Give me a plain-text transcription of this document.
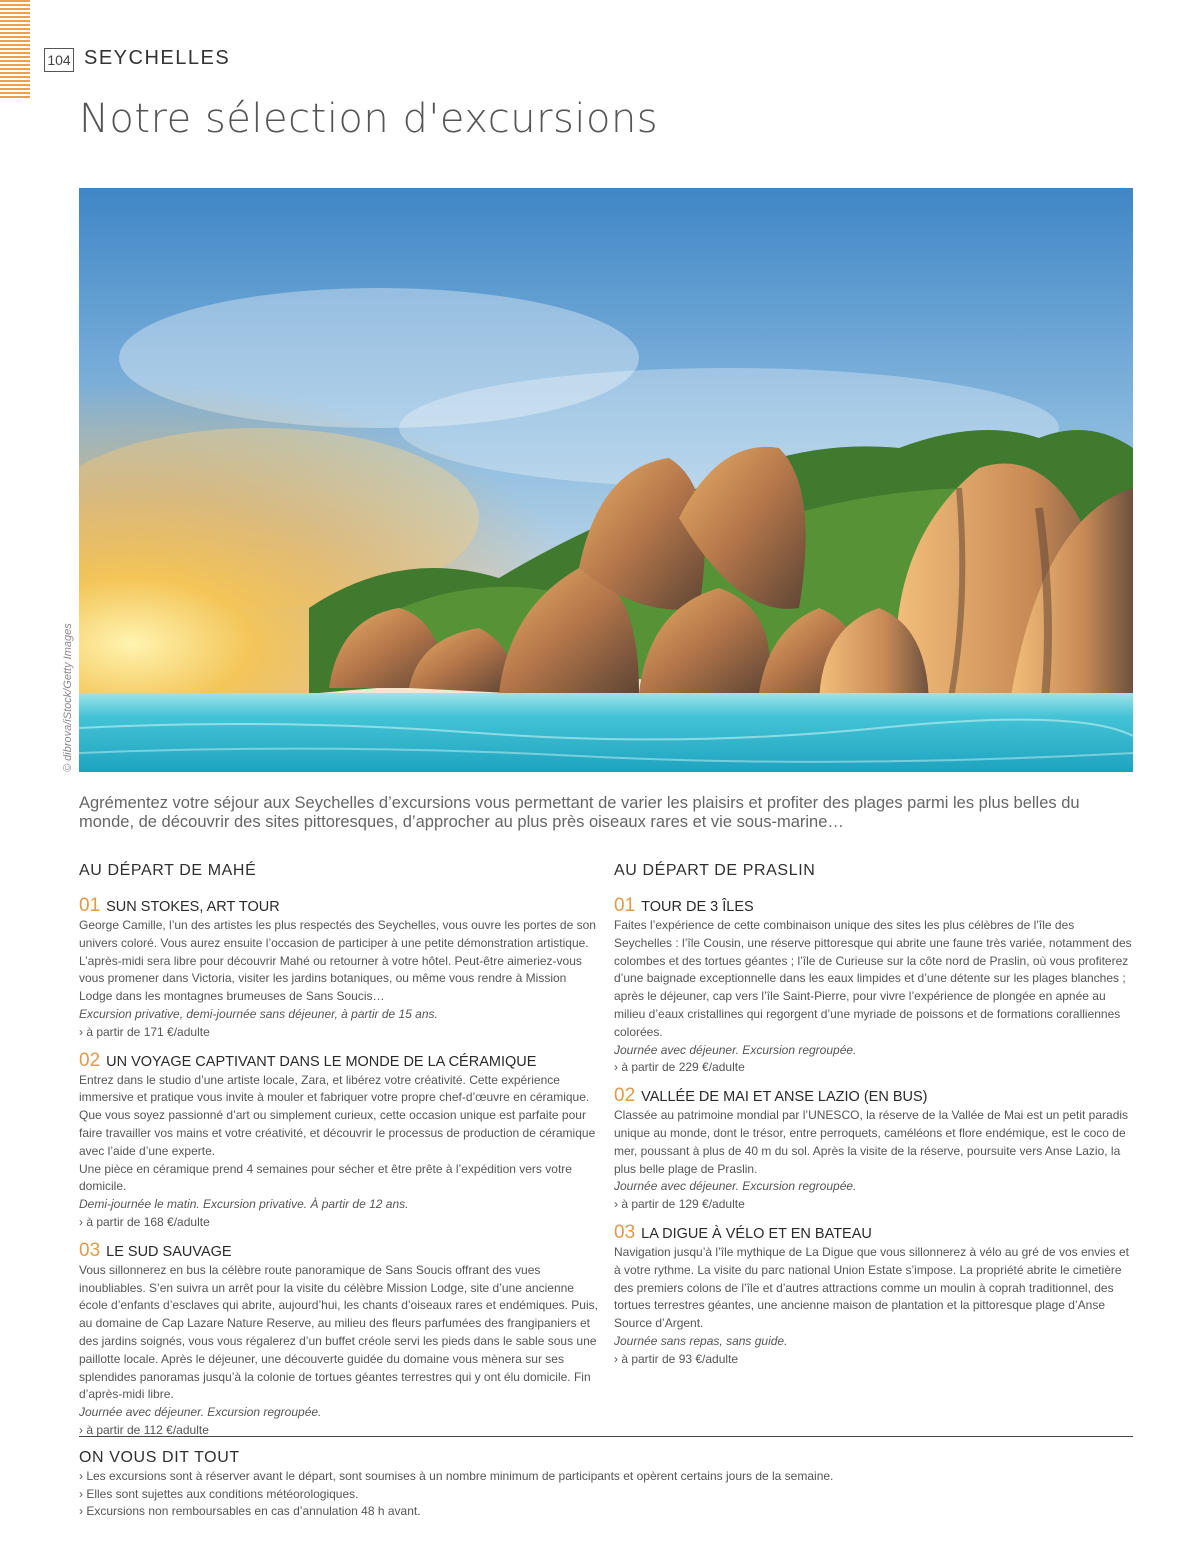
104 SEYCHELLES
Notre sélection d'excursions
© dibrova/iStock/Getty Images
Agrémentez votre séjour aux Seychelles d’excursions vous permettant de varier les plaisirs et profiter des plages parmi les plus belles du monde, de découvrir des sites pittoresques, d’approcher au plus près oiseaux rares et vie sous-marine…
AU DÉPART DE MAHÉ
01 SUN STOKES, ART TOUR

George Camille, l’un des artistes les plus respectés des Seychelles, vous ouvre les portes de son univers coloré. Vous aurez ensuite l’occasion de participer à une petite démonstration artistique. L’après-midi sera libre pour découvrir Mahé ou retourner à votre hôtel. Peut-être aimeriez-vous vous promener dans Victoria, visiter les jardins botaniques, ou même vous rendre à Mission Lodge dans les montagnes brumeuses de Sans Soucis…

Excursion privative, demi-journée sans déjeuner, à partir de 15 ans.

› à partir de 171 €/adulte

02 UN VOYAGE CAPTIVANT DANS LE MONDE DE LA CÉRAMIQUE

Entrez dans le studio d’une artiste locale, Zara, et libérez votre créativité. Cette expérience immersive et pratique vous invite à mouler et fabriquer votre propre chef-d’œuvre en céramique. Que vous soyez passionné d’art ou simplement curieux, cette occasion unique est parfaite pour faire travailler vos mains et votre créativité, et découvrir le processus de production de céramique avec l’aide d’une experte.

Une pièce en céramique prend 4 semaines pour sécher et être prête à l’expédition vers votre domicile.

Demi-journée le matin. Excursion privative. À partir de 12 ans.

› à partir de 168 €/adulte

03 LE SUD SAUVAGE

Vous sillonnerez en bus la célèbre route panoramique de Sans Soucis offrant des vues inoubliables. S’en suivra un arrêt pour la visite du célèbre Mission Lodge, site d’une ancienne école d’enfants d’esclaves qui abrite, aujourd’hui, les chants d’oiseaux rares et endémiques. Puis, au domaine de Cap Lazare Nature Reserve, au milieu des fleurs parfumées des frangipaniers et des jardins soignés, vous vous régalerez d’un buffet créole servi les pieds dans le sable sous une paillotte locale. Après le déjeuner, une découverte guidée du domaine vous mènera sur ses splendides panoramas jusqu’à la colonie de tortues géantes terrestres qui y ont élu domicile. Fin d’après-midi libre.

Journée avec déjeuner. Excursion regroupée.

› à partir de 112 €/adulte

AU DÉPART DE PRASLIN
01 TOUR DE 3 ÎLES

Faites l’expérience de cette combinaison unique des sites les plus célèbres de l’île des Seychelles : l’île Cousin, une réserve pittoresque qui abrite une faune très variée, notamment des colombes et des tortues géantes ; l’île de Curieuse sur la côte nord de Praslin, où vous profiterez d’une baignade exceptionnelle dans les eaux limpides et d’une détente sur les plages blanches ; après le déjeuner, cap vers l’île Saint-Pierre, pour vivre l’expérience de plongée en apnée au milieu d’eaux cristallines qui regorgent d’une myriade de poissons et de formations coralliennes colorées.

Journée avec déjeuner. Excursion regroupée.

› à partir de 229 €/adulte

02 VALLÉE DE MAI ET ANSE LAZIO (EN BUS)

Classée au patrimoine mondial par l’UNESCO, la réserve de la Vallée de Mai est un petit paradis unique au monde, dont le trésor, entre perroquets, caméléons et flore endémique, est le coco de mer, poussant à plus de 40 m du sol. Après la visite de la réserve, poursuite vers Anse Lazio, la plus belle plage de Praslin.

Journée avec déjeuner. Excursion regroupée.

› à partir de 129 €/adulte

03 LA DIGUE À VÉLO ET EN BATEAU

Navigation jusqu’à l’île mythique de La Digue que vous sillonnerez à vélo au gré de vos envies et à votre rythme. La visite du parc national Union Estate s’impose. La propriété abrite le cimetière des premiers colons de l’île et d’autres attractions comme un moulin à coprah traditionnel, des tortues terrestres géantes, une ancienne maison de plantation et la pittoresque plage d’Anse Source d’Argent.

Journée sans repas, sans guide.

› à partir de 93 €/adulte

ON VOUS DIT TOUT

› Les excursions sont à réserver avant le départ, sont soumises à un nombre minimum de participants et opèrent certains jours de la semaine.

› Elles sont sujettes aux conditions météorologiques.

› Excursions non remboursables en cas d’annulation 48 h avant.
